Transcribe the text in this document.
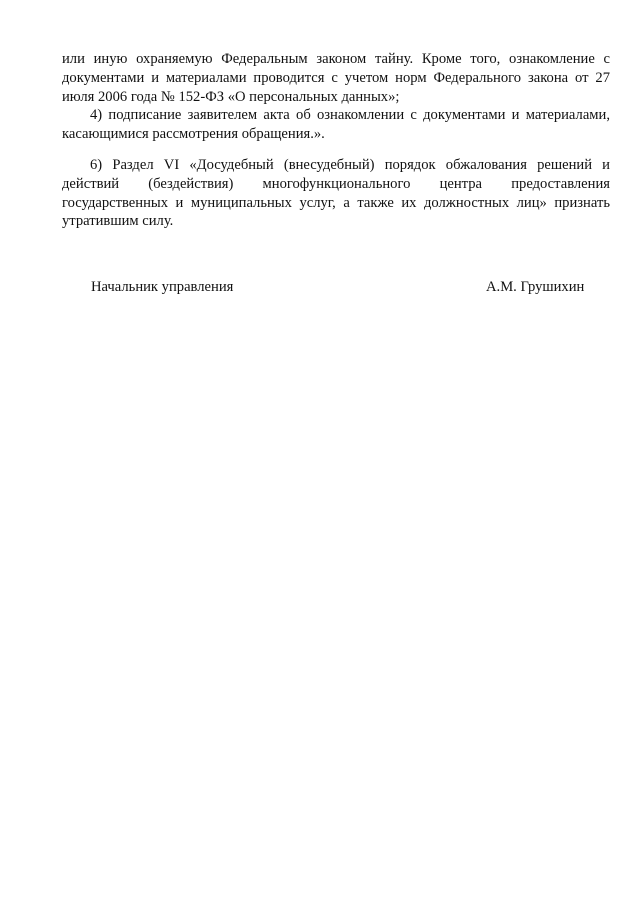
или иную охраняемую Федеральным законом тайну. Кроме того, ознакомление с документами и материалами проводится с учетом норм Федерального закона от 27 июля 2006 года № 152-ФЗ «О персональных данных»;
4) подписание заявителем акта об ознакомлении с документами и материалами, касающимися рассмотрения обращения.».
6) Раздел VI «Досудебный (внесудебный) порядок обжалования решений и действий (бездействия) многофункционального центра предоставления государственных и муниципальных услуг, а также их должностных лиц» признать утратившим силу.
Начальник управления	А.М. Грушихин
